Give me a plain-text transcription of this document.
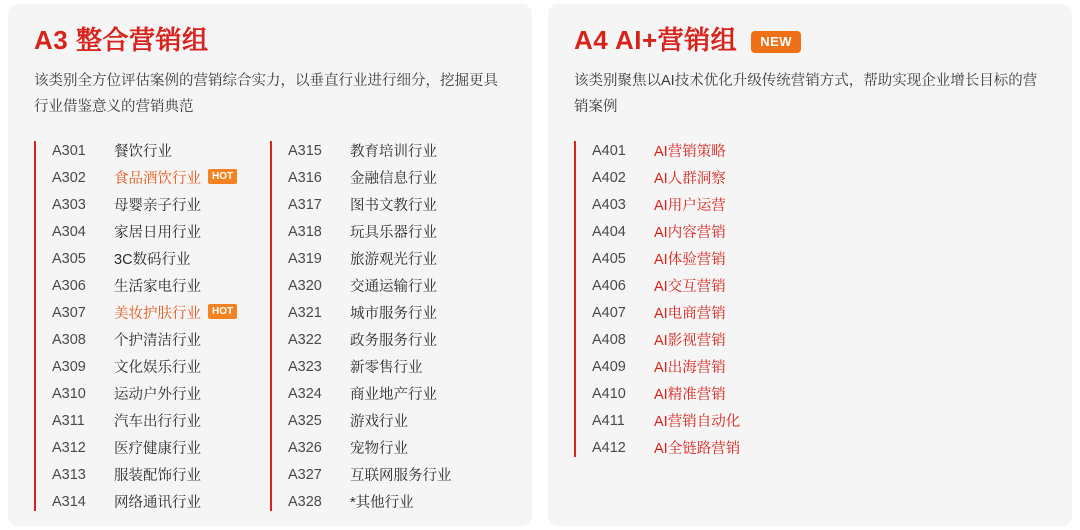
A3 整合营销组
该类别全方位评估案例的营销综合实力，以垂直行业进行细分，挖掘更具行业借鉴意义的营销典范
A301	餐饮行业
A302	食品酒饮行业	HOT
A303	母婴亲子行业
A304	家居日用行业
A305	3C数码行业
A306	生活家电行业
A307	美妆护肤行业	HOT
A308	个护清洁行业
A309	文化娱乐行业
A310	运动户外行业
A311	汽车出行行业
A312	医疗健康行业
A313	服装配饰行业
A314	网络通讯行业
A315	教育培训行业
A316	金融信息行业
A317	图书文教行业
A318	玩具乐器行业
A319	旅游观光行业
A320	交通运输行业
A321	城市服务行业
A322	政务服务行业
A323	新零售行业
A324	商业地产行业
A325	游戏行业
A326	宠物行业
A327	互联网服务行业
A328	*其他行业
A4 AI+营销组	NEW
该类别聚焦以AI技术优化升级传统营销方式，帮助实现企业增长目标的营销案例
A401	AI营销策略
A402	AI人群洞察
A403	AI用户运营
A404	AI内容营销
A405	AI体验营销
A406	AI交互营销
A407	AI电商营销
A408	AI影视营销
A409	AI出海营销
A410	AI精准营销
A411	AI营销自动化
A412	AI全链路营销
